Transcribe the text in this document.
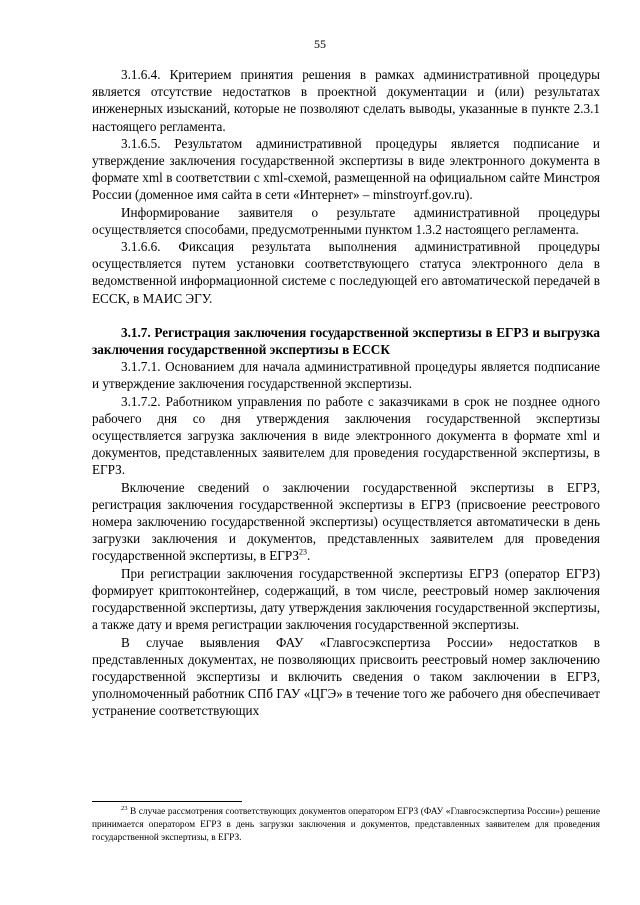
55

3.1.6.4. Критерием принятия решения в рамках административной процедуры является отсутствие недостатков в проектной документации и (или) результатах инженерных изысканий, которые не позволяют сделать выводы, указанные в пункте 2.3.1 настоящего регламента.

3.1.6.5. Результатом административной процедуры является подписание и утверждение заключения государственной экспертизы в виде электронного документа в формате xml в соответствии с xml-схемой, размещенной на официальном сайте Минстроя России (доменное имя сайта в сети «Интернет» – minstroyrf.gov.ru).

Информирование заявителя о результате административной процедуры осуществляется способами, предусмотренными пунктом 1.3.2 настоящего регламента.

3.1.6.6. Фиксация результата выполнения административной процедуры осуществляется путем установки соответствующего статуса электронного дела в ведомственной информационной системе с последующей его автоматической передачей в ЕССК, в МАИС ЭГУ.

3.1.7. Регистрация заключения государственной экспертизы в ЕГРЗ и выгрузка заключения государственной экспертизы в ЕССК

3.1.7.1. Основанием для начала административной процедуры является подписание и утверждение заключения государственной экспертизы.

3.1.7.2. Работником управления по работе с заказчиками в срок не позднее одного рабочего дня со дня утверждения заключения государственной экспертизы осуществляется загрузка заключения в виде электронного документа в формате xml и документов, представленных заявителем для проведения государственной экспертизы, в ЕГРЗ.

Включение сведений о заключении государственной экспертизы в ЕГРЗ, регистрация заключения государственной экспертизы в ЕГРЗ (присвоение реестрового номера заключению государственной экспертизы) осуществляется автоматически в день загрузки заключения и документов, представленных заявителем для проведения государственной экспертизы, в ЕГРЗ$^{23}$.

При регистрации заключения государственной экспертизы ЕГРЗ (оператор ЕГРЗ) формирует криптоконтейнер, содержащий, в том числе, реестровый номер заключения государственной экспертизы, дату утверждения заключения государственной экспертизы, а также дату и время регистрации заключения государственной экспертизы.

В случае выявления ФАУ «Главгосэкспертиза России» недостатков в представленных документах, не позволяющих присвоить реестровый номер заключению государственной экспертизы и включить сведения о таком заключении в ЕГРЗ, уполномоченный работник СПб ГАУ «ЦГЭ» в течение того же рабочего дня обеспечивает устранение соответствующих

$^{23}$ В случае рассмотрения соответствующих документов оператором ЕГРЗ (ФАУ «Главгосэкспертиза России») решение принимается оператором ЕГРЗ в день загрузки заключения и документов, представленных заявителем для проведения государственной экспертизы, в ЕГРЗ.
